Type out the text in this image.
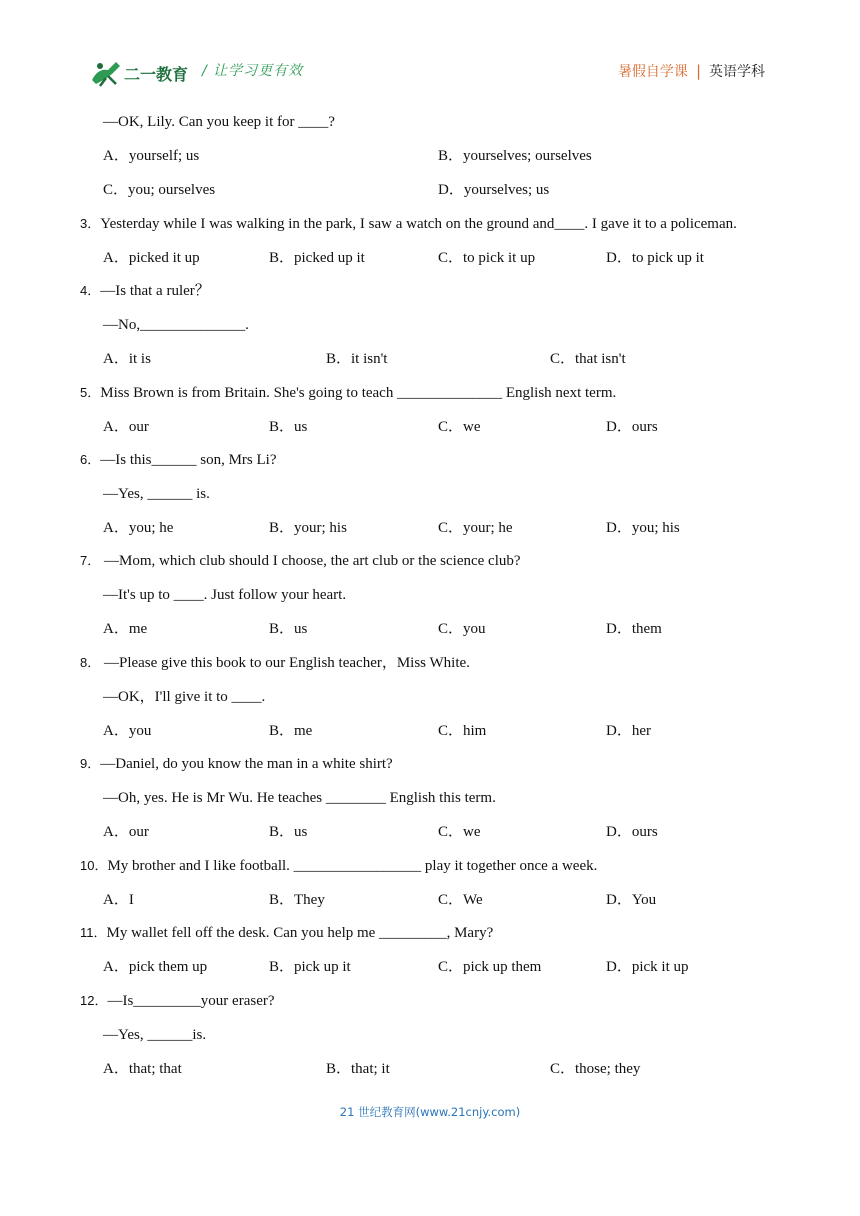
二一教育 / 让学习更有效	暑假自学课 | 英语学科
—OK, Lily. Can you keep it for ____?
A．yourself; us	B．yourselves; ourselves
C．you; ourselves	D．yourselves; us
3．Yesterday while I was walking in the park, I saw a watch on the ground and____. I gave it to a policeman.
A．picked it up	B．picked up it	C．to pick it up	D．to pick up it
4．—Is that a ruler？
—No,______________.
A．it is	B．it isn't	C．that isn't
5．Miss Brown is from Britain. She's going to teach ______________ English next term.
A．our	B．us	C．we	D．ours
6．—Is this______ son, Mrs Li?
—Yes, ______ is.
A．you; he	B．your; his	C．your; he	D．you; his
7． —Mom, which club should I choose, the art club or the science club?
—It's up to ____. Just follow your heart.
A．me	B．us	C．you	D．them
8． —Please give this book to our English teacher，Miss White.
—OK，I'll give it to ____.
A．you	B．me	C．him	D．her
9．—Daniel, do you know the man in a white shirt?
—Oh, yes. He is Mr Wu. He teaches ________ English this term.
A．our	B．us	C．we	D．ours
10．My brother and I like football. _________________ play it together once a week.
A．I	B．They	C．We	D．You
11．My wallet fell off the desk. Can you help me _________, Mary?
A．pick them up	B．pick up it	C．pick up them	D．pick it up
12．—Is_________your eraser?
—Yes, ______is.
A．that; that	B．that; it	C．those; they
21 世纪教育网(www.21cnjy.com)
